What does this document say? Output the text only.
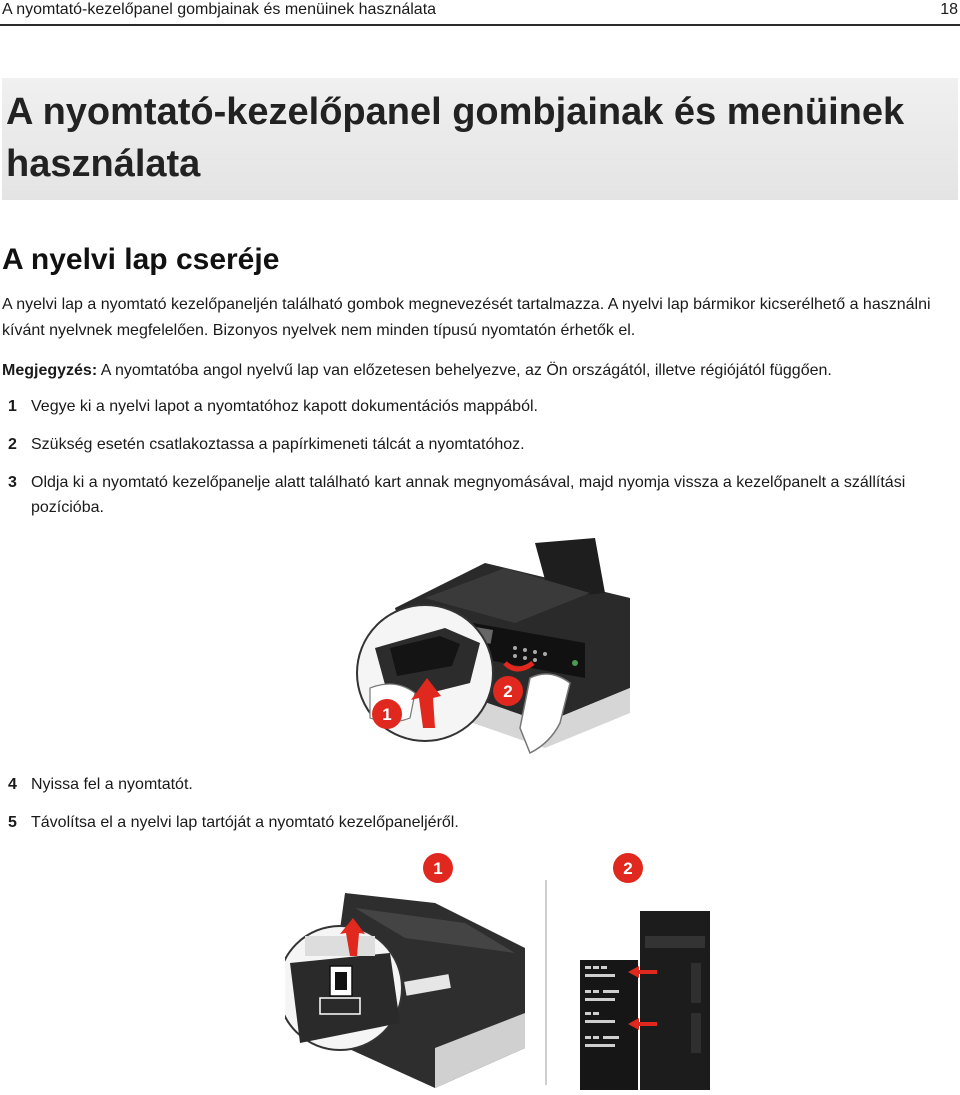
A nyomtató-kezelőpanel gombjainak és menüinek használata	18
A nyomtató-kezelőpanel gombjainak és menüinek használata
A nyelvi lap cseréje

A nyelvi lap a nyomtató kezelőpaneljén található gombok megnevezését tartalmazza. A nyelvi lap bármikor kicserélhető a használni kívánt nyelvnek megfelelően. Bizonyos nyelvek nem minden típusú nyomtatón érhetők el.

Megjegyzés: A nyomtatóba angol nyelvű lap van előzetesen behelyezve, az Ön országától, illetve régiójától függően.

1 Vegye ki a nyelvi lapot a nyomtatóhoz kapott dokumentációs mappából.
2 Szükség esetén csatlakoztassa a papírkimeneti tálcát a nyomtatóhoz.
3 Oldja ki a nyomtató kezelőpanelje alatt található kart annak megnyomásával, majd nyomja vissza a kezelőpanelt a szállítási pozícióba.
1
2
4 Nyissa fel a nyomtatót.
5 Távolítsa el a nyelvi lap tartóját a nyomtató kezelőpaneljéről.
1	2
